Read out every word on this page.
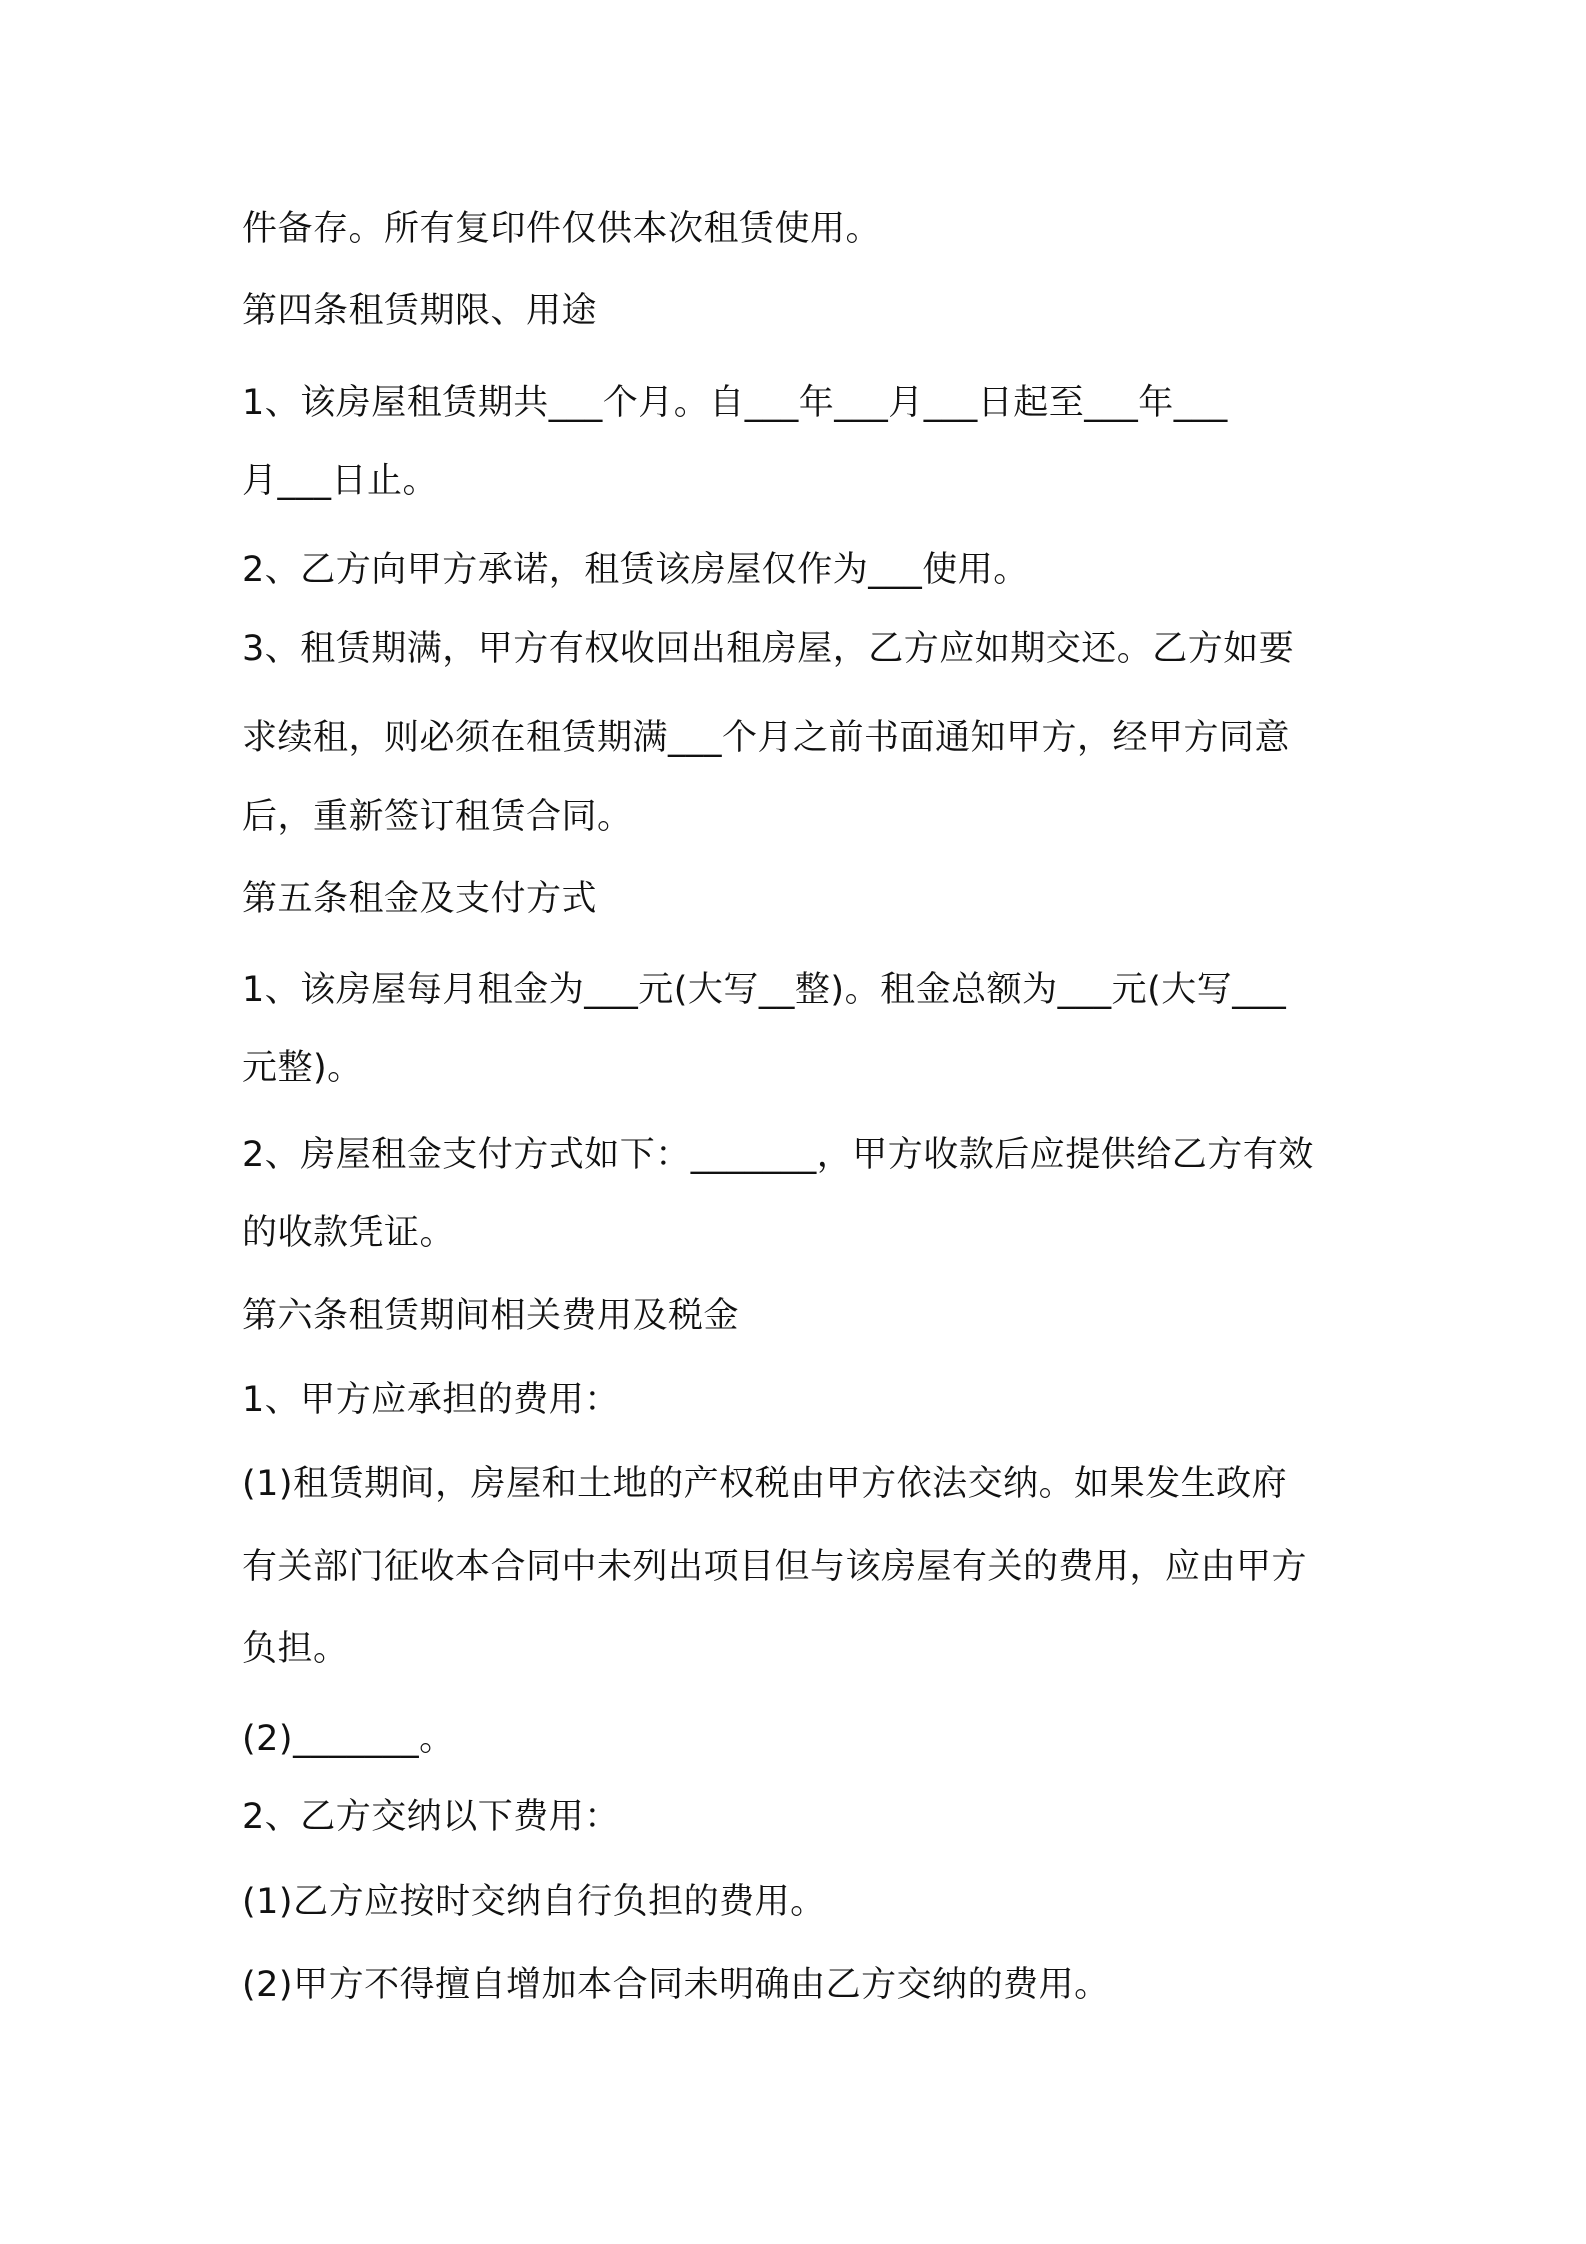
件备存。所有复印件仅供本次租赁使用。

第四条租赁期限、用途

1、该房屋租赁期共___个月。自___年___月___日起至___年___

月___日止。

2、乙方向甲方承诺，租赁该房屋仅作为___使用。

3、租赁期满，甲方有权收回出租房屋，乙方应如期交还。乙方如要

求续租，则必须在租赁期满___个月之前书面通知甲方，经甲方同意

后，重新签订租赁合同。

第五条租金及支付方式

1、该房屋每月租金为___元(大写__整)。租金总额为___元(大写___

元整)。

2、房屋租金支付方式如下：_______，甲方收款后应提供给乙方有效

的收款凭证。

第六条租赁期间相关费用及税金

1、甲方应承担的费用：

(1)租赁期间，房屋和土地的产权税由甲方依法交纳。如果发生政府

有关部门征收本合同中未列出项目但与该房屋有关的费用，应由甲方

负担。

(2)_______。

2、乙方交纳以下费用：

(1)乙方应按时交纳自行负担的费用。

(2)甲方不得擅自增加本合同未明确由乙方交纳的费用。
